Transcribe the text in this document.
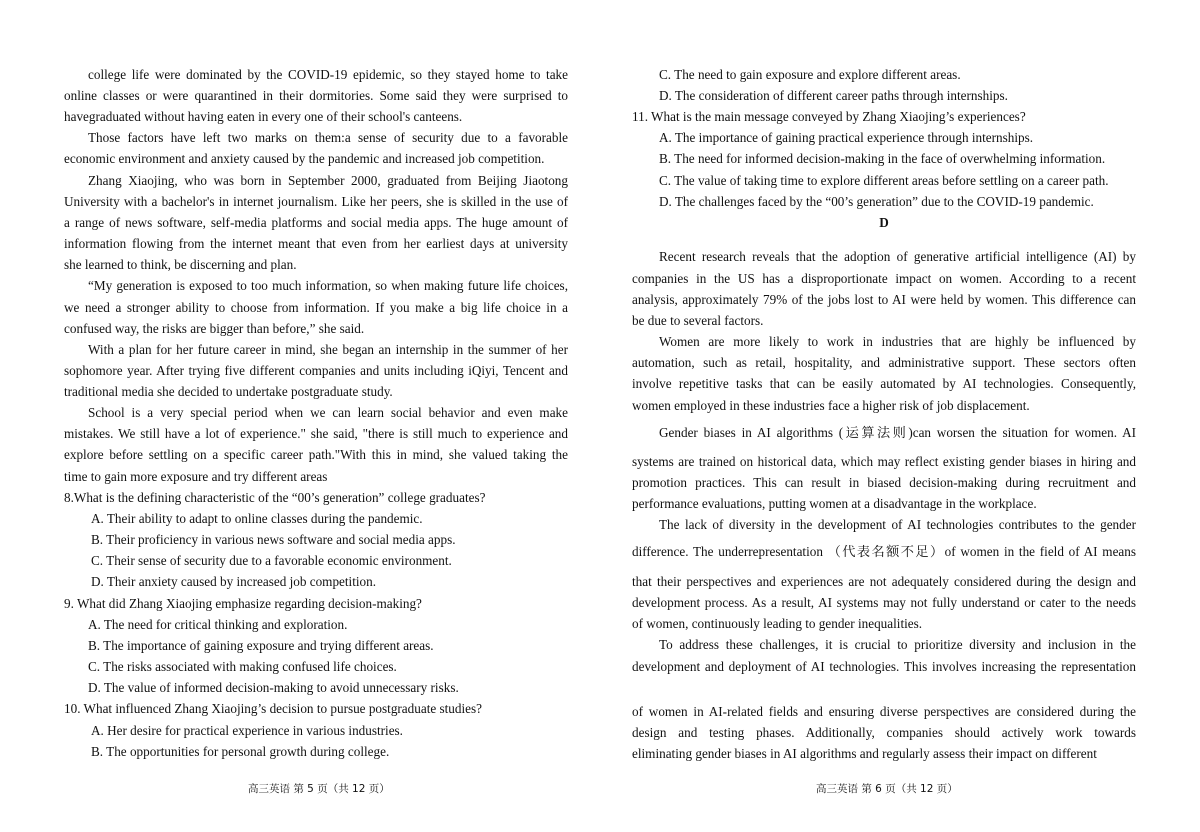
college life were dominated by the COVID-19 epidemic, so they stayed home to take
online classes or were quarantined in their dormitories. Some said they were surprised to
havegraduated without having eaten in every one of their school's canteens.
Those factors have left two marks on them:a sense of security due to a favorable
economic environment and anxiety caused by the pandemic and increased job competition.
Zhang Xiaojing, who was born in September 2000, graduated from Beijing Jiaotong
University with a bachelor's in internet journalism. Like her peers, she is skilled in the use of
a range of news software, self-media platforms and social media apps. The huge amount of
information flowing from the internet meant that even from her earliest days at university
she learned to think, be discerning and plan.
“My generation is exposed to too much information, so when making future life choices,
we need a stronger ability to choose from information. If you make a big life choice in a
confused way, the risks are bigger than before,” she said.
With a plan for her future career in mind, she began an internship in the summer of her
sophomore year. After trying five different companies and units including iQiyi, Tencent and
traditional media she decided to undertake postgraduate study.
School is a very special period when we can learn social behavior and even make
mistakes. We still have a lot of experience." she said, "there is still much to experience and
explore before settling on a specific career path."With this in mind, she valued taking the
time to gain more exposure and try different areas
8.What is the defining characteristic of the “00’s generation” college graduates?
A. Their ability to adapt to online classes during the pandemic.
B. Their proficiency in various news software and social media apps.
C. Their sense of security due to a favorable economic environment.
D. Their anxiety caused by increased job competition.
9. What did Zhang Xiaojing emphasize regarding decision-making?
A. The need for critical thinking and exploration.
B. The importance of gaining exposure and trying different areas.
C. The risks associated with making confused life choices.
D. The value of informed decision-making to avoid unnecessary risks.
10. What influenced Zhang Xiaojing’s decision to pursue postgraduate studies?
A. Her desire for practical experience in various industries.
B. The opportunities for personal growth during college.
C. The need to gain exposure and explore different areas.
D. The consideration of different career paths through internships.
11. What is the main message conveyed by Zhang Xiaojing’s experiences?
A. The importance of gaining practical experience through internships.
B. The need for informed decision-making in the face of overwhelming information.
C. The value of taking time to explore different areas before settling on a career path.
D. The challenges faced by the “00’s generation” due to the COVID-19 pandemic.
D
Recent research reveals that the adoption of generative artificial intelligence (AI) by
companies in the US has a disproportionate impact on women. According to a recent
analysis, approximately 79% of the jobs lost to AI were held by women. This difference can
be due to several factors.
Women are more likely to work in industries that are highly be influenced by
automation, such as retail, hospitality, and administrative support. These sectors often
involve repetitive tasks that can be easily automated by AI technologies. Consequently,
women employed in these industries face a higher risk of job displacement.
Gender biases in AI algorithms (运算法则)can worsen the situation for women. AI
systems are trained on historical data, which may reflect existing gender biases in hiring and
promotion practices. This can result in biased decision-making during recruitment and
performance evaluations, putting women at a disadvantage in the workplace.
The lack of diversity in the development of AI technologies contributes to the gender
difference. The underrepresentation （代表名额不足）of women in the field of AI means
that their perspectives and experiences are not adequately considered during the design and
development process. As a result, AI systems may not fully understand or cater to the needs
of women, continuously leading to gender inequalities.
To address these challenges, it is crucial to prioritize diversity and inclusion in the
development and deployment of AI technologies. This involves increasing the representation
of women in AI-related fields and ensuring diverse perspectives are considered during the
design and testing phases. Additionally, companies should actively work towards
eliminating gender biases in AI algorithms and regularly assess their impact on different
高三英语 第 5 页（共 12 页）	高三英语 第 6 页（共 12 页）
